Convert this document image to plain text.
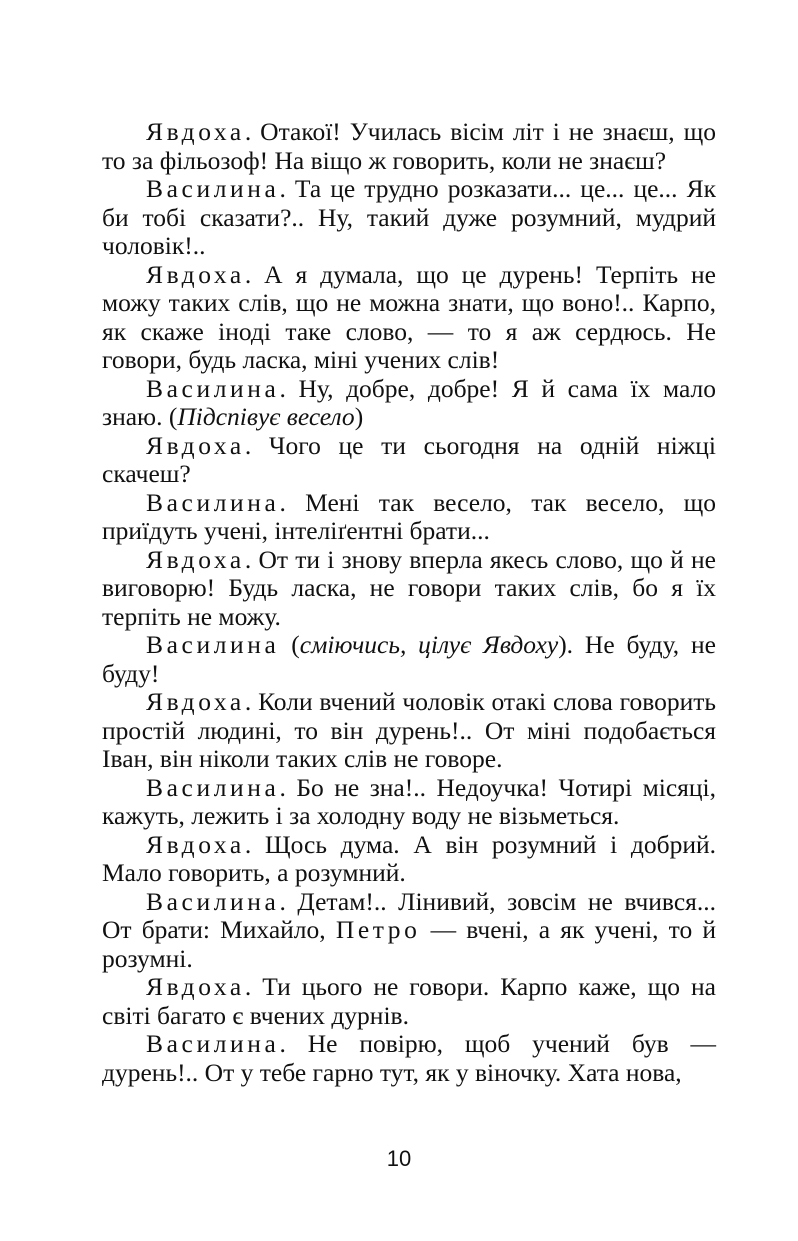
Явдоха. Отакої! Училась вісім літ і не знаєш, що то за фільозоф! На віщо ж говорить, коли не знаєш?

Василина. Та це трудно розказати... це... це... Як би тобі сказати?.. Ну, такий дуже розумний, мудрий чоловік!..

Явдоха. А я думала, що це дурень! Терпіть не можу таких слів, що не можна знати, що воно!.. Карпо, як скаже іноді таке слово, — то я аж сердюсь. Не говори, будь ласка, міні учених слів!

Василина. Ну, добре, добре! Я й сама їх мало знаю. (Підспівує весело)

Явдоха. Чого це ти сьогодня на одній ніжці скачеш?

Василина. Мені так весело, так весело, що приїдуть учені, інтеліґентні брати...

Явдоха. От ти і знову вперла якесь слово, що й не виговорю! Будь ласка, не говори таких слів, бо я їх терпіть не можу.

Василина (сміючись, цілує Явдоху). Не буду, не буду!

Явдоха. Коли вчений чоловік отакі слова говорить простій людині, то він дурень!.. От міні подобається Іван, він ніколи таких слів не говоре.

Василина. Бо не зна!.. Недоучка! Чотирі місяці, кажуть, лежить і за холодну воду не візьметься.

Явдоха. Щось дума. А він розумний і добрий. Мало говорить, а розумний.

Василина. Детам!.. Лінивий, зовсім не вчився... От брати: Михайло, Петро — вчені, а як учені, то й розумні.

Явдоха. Ти цього не говори. Карпо каже, що на світі багато є вчених дурнів.

Василина. Не повірю, щоб учений був — дурень!.. От у тебе гарно тут, як у віночку. Хата нова,

10
